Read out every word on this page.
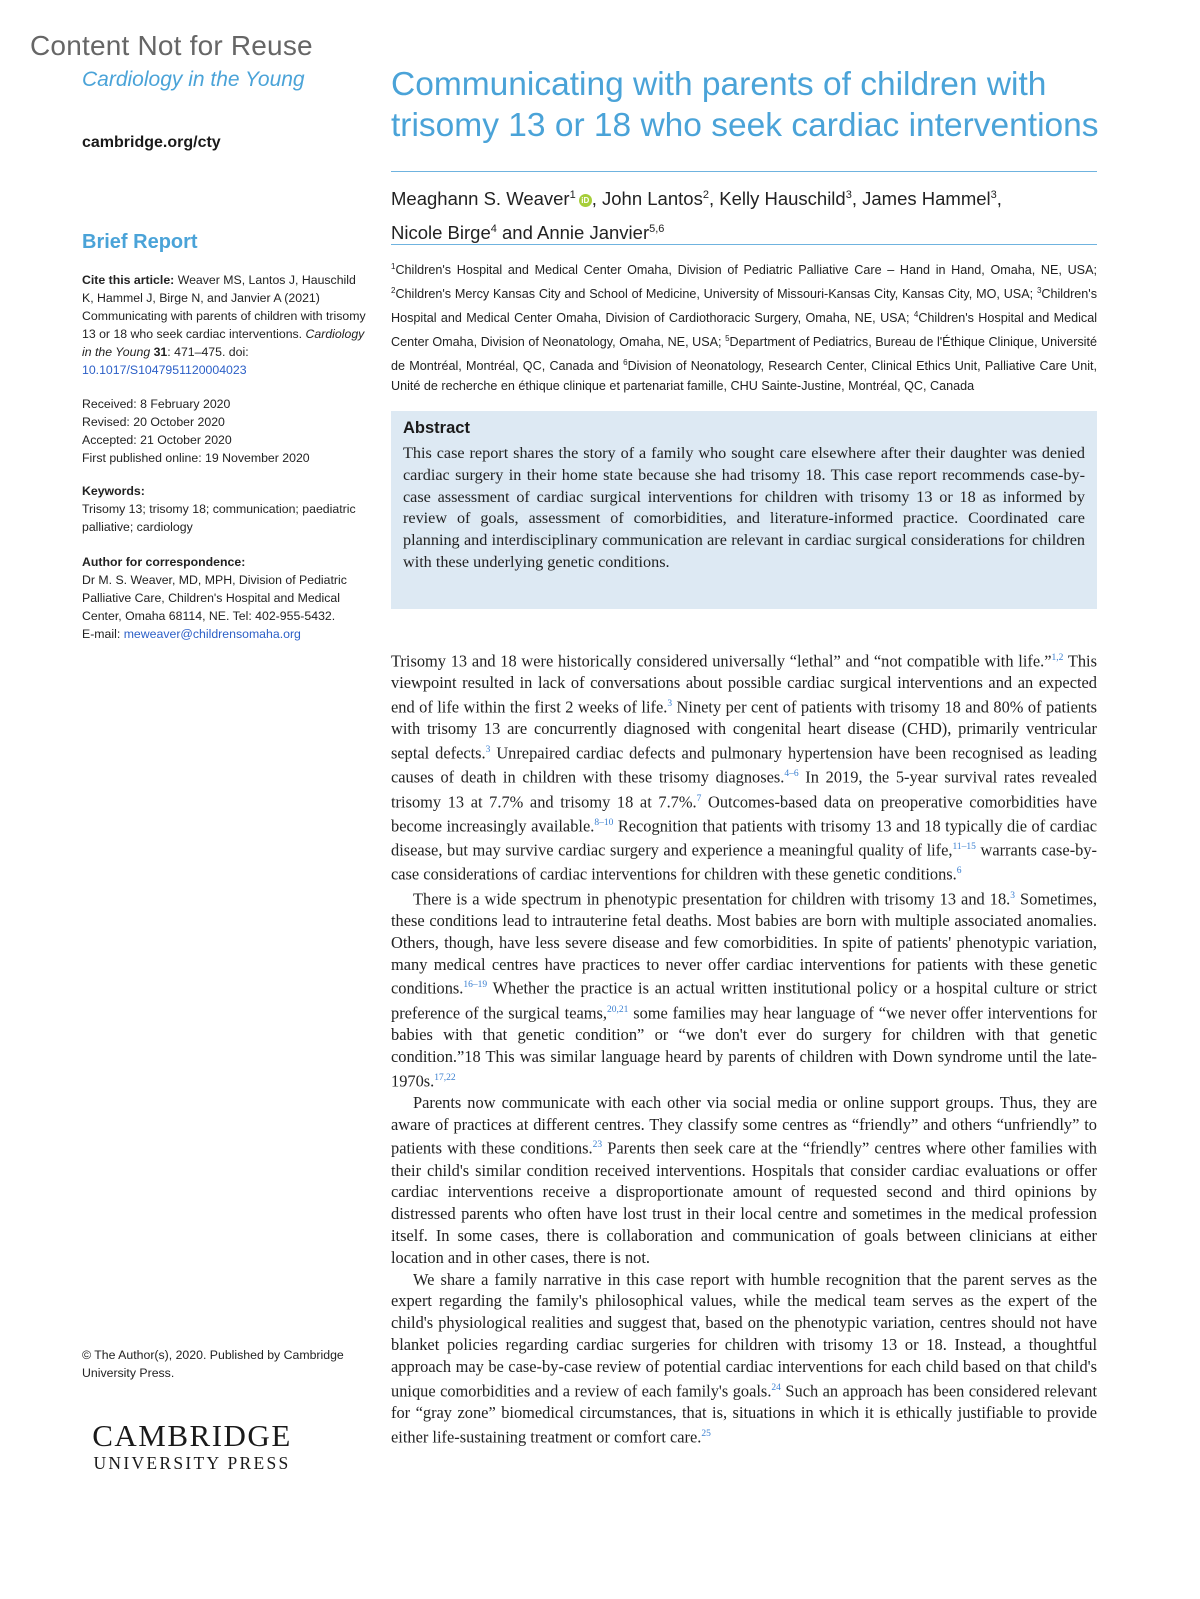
Content Not for Reuse
Cardiology in the Young
cambridge.org/cty
Brief Report
Cite this article: Weaver MS, Lantos J, Hauschild K, Hammel J, Birge N, and Janvier A (2021) Communicating with parents of children with trisomy 13 or 18 who seek cardiac interventions. Cardiology in the Young 31: 471–475. doi: 10.1017/S1047951120004023
Received: 8 February 2020
Revised: 20 October 2020
Accepted: 21 October 2020
First published online: 19 November 2020
Keywords:
Trisomy 13; trisomy 18; communication; paediatric palliative; cardiology
Author for correspondence:
Dr M. S. Weaver, MD, MPH, Division of Pediatric Palliative Care, Children's Hospital and Medical Center, Omaha 68114, NE. Tel: 402-955-5432.
E-mail: meweaver@childrensomaha.org
© The Author(s), 2020. Published by Cambridge University Press.
CAMBRIDGE
UNIVERSITY PRESS
Communicating with parents of children with trisomy 13 or 18 who seek cardiac interventions
Meaghann S. Weaver$^1$ iD , John Lantos$^2$, Kelly Hauschild$^3$, James Hammel$^3$,
Nicole Birge$^4$ and Annie Janvier$^{5,6}$
$^1$Children's Hospital and Medical Center Omaha, Division of Pediatric Palliative Care – Hand in Hand, Omaha, NE, USA; $^2$Children's Mercy Kansas City and School of Medicine, University of Missouri-Kansas City, Kansas City, MO, USA; $^3$Children's Hospital and Medical Center Omaha, Division of Cardiothoracic Surgery, Omaha, NE, USA; $^4$Children's Hospital and Medical Center Omaha, Division of Neonatology, Omaha, NE, USA; $^5$Department of Pediatrics, Bureau de l'Éthique Clinique, Université de Montréal, Montréal, QC, Canada and $^6$Division of Neonatology, Research Center, Clinical Ethics Unit, Palliative Care Unit, Unité de recherche en éthique clinique et partenariat famille, CHU Sainte-Justine, Montréal, QC, Canada
Abstract
This case report shares the story of a family who sought care elsewhere after their daughter was denied cardiac surgery in their home state because she had trisomy 18. This case report recommends case-by-case assessment of cardiac surgical interventions for children with trisomy 13 or 18 as informed by review of goals, assessment of comorbidities, and literature-informed practice. Coordinated care planning and interdisciplinary communication are relevant in cardiac surgical considerations for children with these underlying genetic conditions.

Trisomy 13 and 18 were historically considered universally “lethal” and “not compatible with life.”$^{1,2}$ This viewpoint resulted in lack of conversations about possible cardiac surgical interventions and an expected end of life within the first 2 weeks of life.$^3$ Ninety per cent of patients with trisomy 18 and 80% of patients with trisomy 13 are concurrently diagnosed with congenital heart disease (CHD), primarily ventricular septal defects.$^3$ Unrepaired cardiac defects and pulmonary hypertension have been recognised as leading causes of death in children with these trisomy diagnoses.$^{4-6}$ In 2019, the 5-year survival rates revealed trisomy 13 at 7.7% and trisomy 18 at 7.7%.$^7$ Outcomes-based data on preoperative comorbidities have become increasingly available.$^{8-10}$ Recognition that patients with trisomy 13 and 18 typically die of cardiac disease, but may survive cardiac surgery and experience a meaningful quality of life,$^{11-15}$ warrants case-by-case considerations of cardiac interventions for children with these genetic conditions.$^6$

There is a wide spectrum in phenotypic presentation for children with trisomy 13 and 18.$^3$ Sometimes, these conditions lead to intrauterine fetal deaths. Most babies are born with multiple associated anomalies. Others, though, have less severe disease and few comorbidities. In spite of patients' phenotypic variation, many medical centres have practices to never offer cardiac interventions for patients with these genetic conditions.$^{16-19}$ Whether the practice is an actual written institutional policy or a hospital culture or strict preference of the surgical teams,$^{20,21}$ some families may hear language of “we never offer interventions for babies with that genetic condition” or “we don't ever do surgery for children with that genetic condition.”18 This was similar language heard by parents of children with Down syndrome until the late-1970s.$^{17,22}$

Parents now communicate with each other via social media or online support groups. Thus, they are aware of practices at different centres. They classify some centres as “friendly” and others “unfriendly” to patients with these conditions.$^{23}$ Parents then seek care at the “friendly” centres where other families with their child's similar condition received interventions. Hospitals that consider cardiac evaluations or offer cardiac interventions receive a disproportionate amount of requested second and third opinions by distressed parents who often have lost trust in their local centre and sometimes in the medical profession itself. In some cases, there is collaboration and communication of goals between clinicians at either location and in other cases, there is not.

We share a family narrative in this case report with humble recognition that the parent serves as the expert regarding the family's philosophical values, while the medical team serves as the expert of the child's physiological realities and suggest that, based on the phenotypic variation, centres should not have blanket policies regarding cardiac surgeries for children with trisomy 13 or 18. Instead, a thoughtful approach may be case-by-case review of potential cardiac interventions for each child based on that child's unique comorbidities and a review of each family's goals.$^{24}$ Such an approach has been considered relevant for “gray zone” biomedical circumstances, that is, situations in which it is ethically justifiable to provide either life-sustaining treatment or comfort care.$^{25}$
